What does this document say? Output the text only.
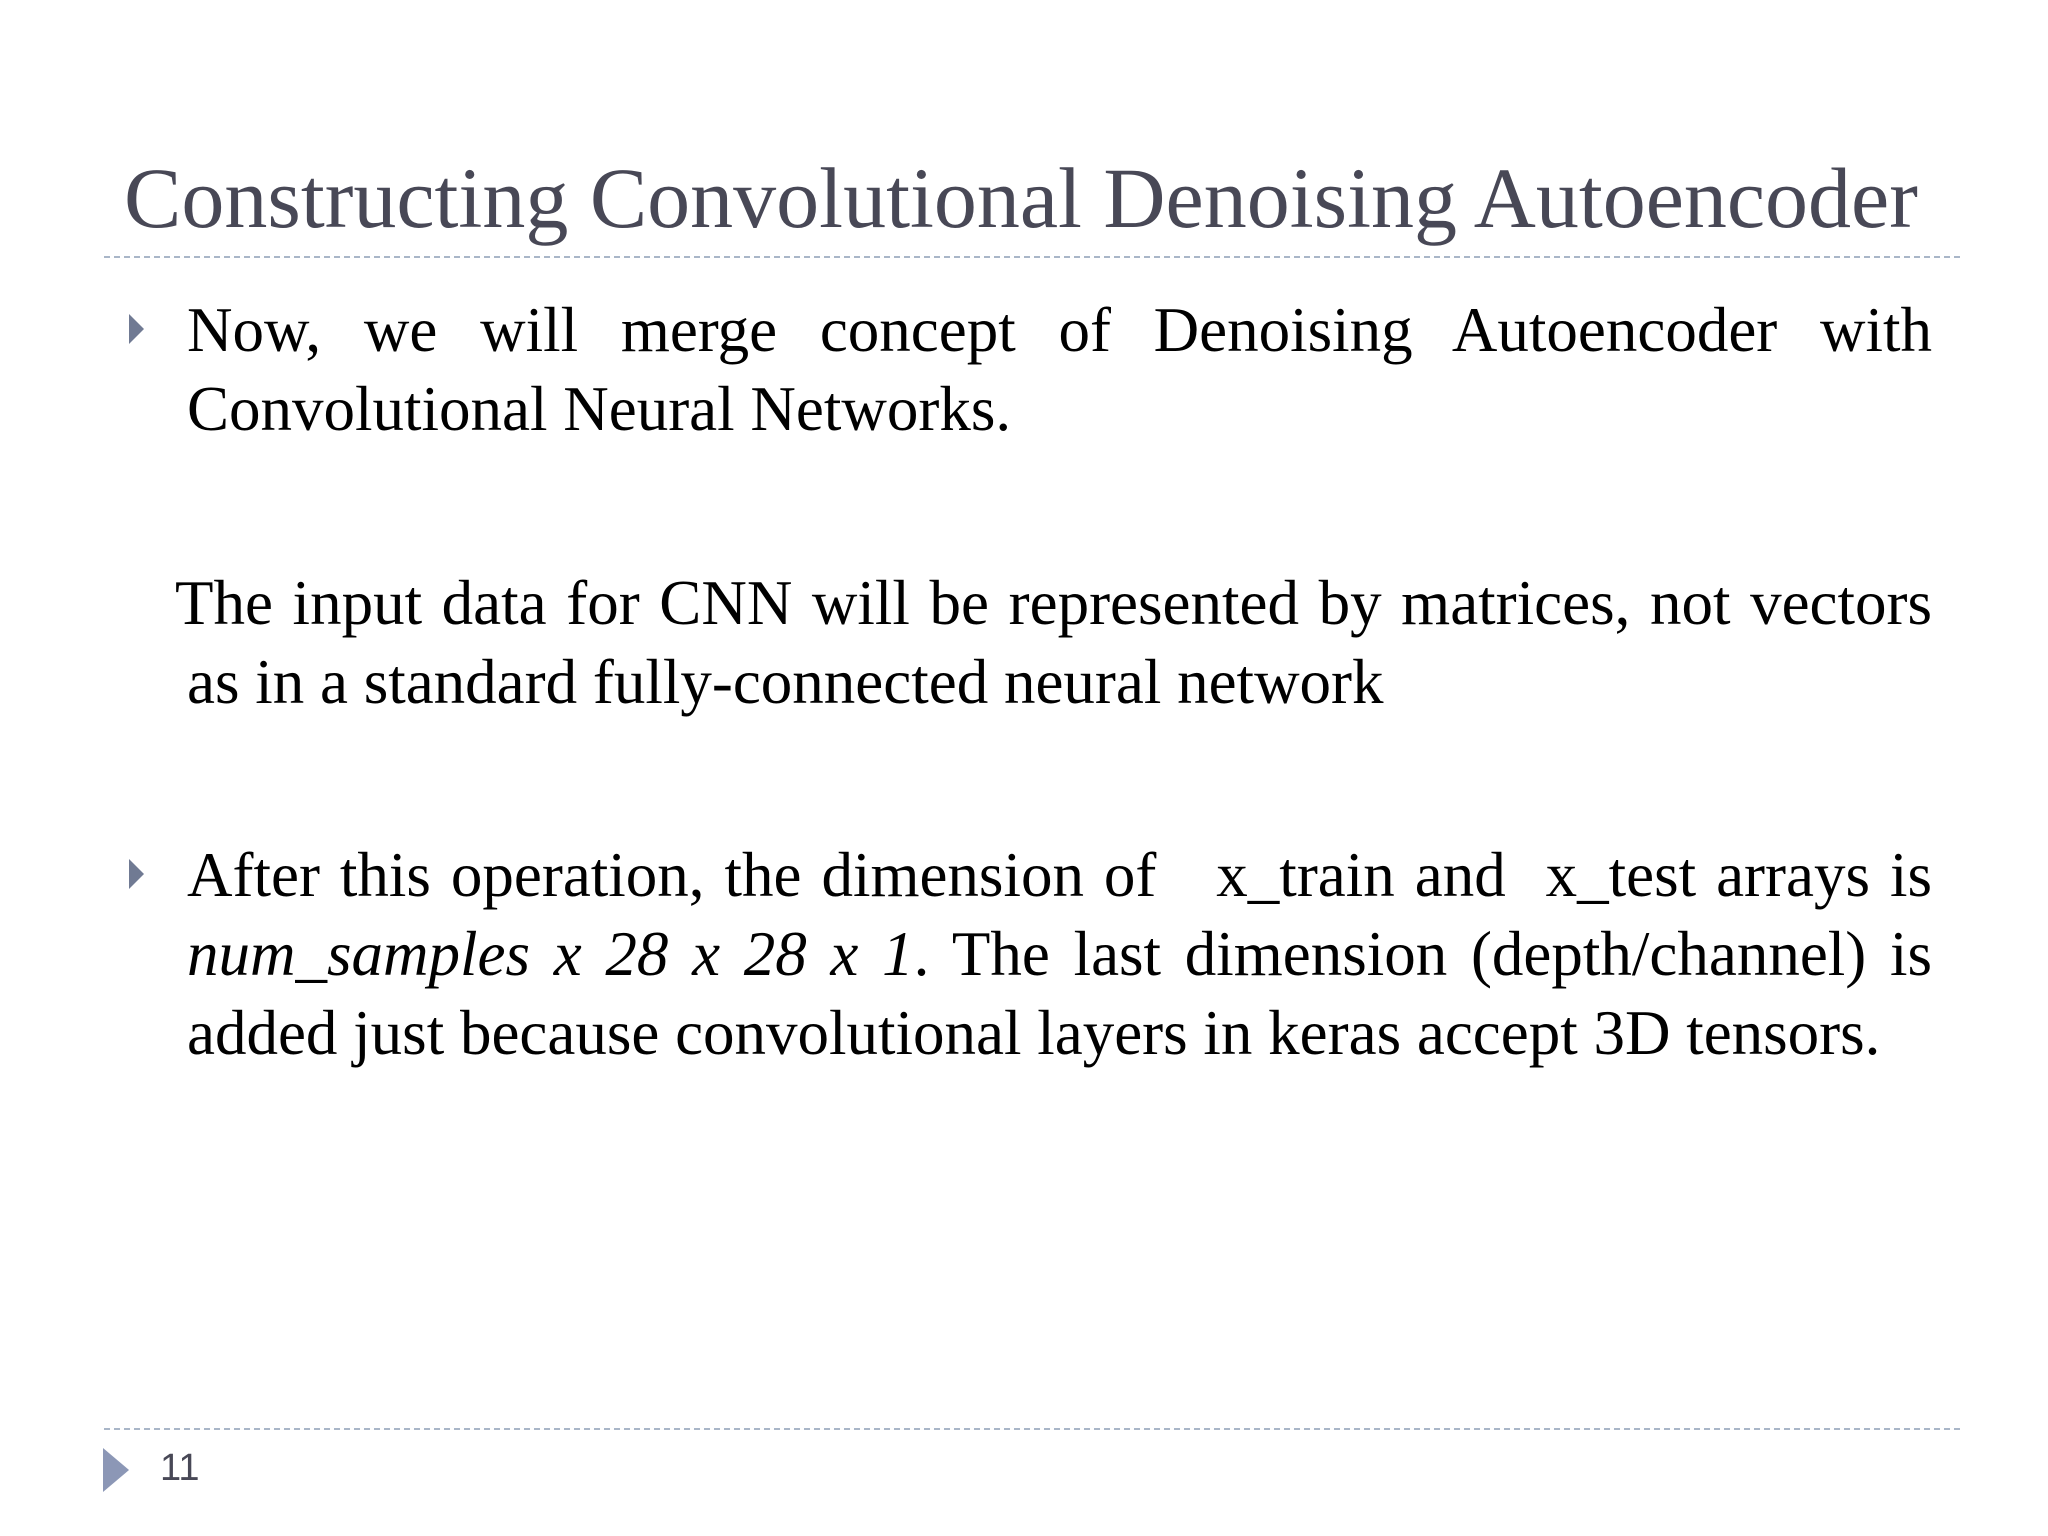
Constructing Convolutional Denoising Autoencoder

Now, we will merge concept of Denoising Autoencoder with Convolutional Neural Networks.

The input data for CNN will be represented by matrices, not vectors as in a standard fully-connected neural network

After this operation, the dimension of   x_train and  x_test arrays is num_samples x 28 x 28 x 1. The last dimension (depth/channel) is added just because convolutional layers in keras accept 3D tensors.

11
